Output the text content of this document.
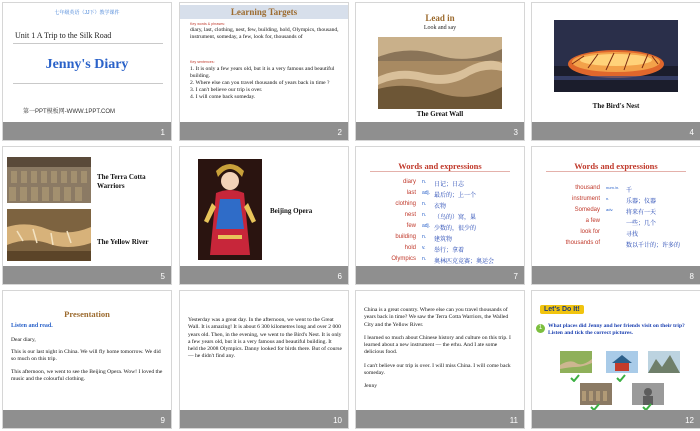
七年级英语（JJ下）教学课件
Unit 1 A Trip to the Silk Road
Jenny's Diary
第一PPT模板网-WWW.1PPT.COM
1
Learning Targets
Key words & phrases:
diary, last, clothing, nest, few, building, hold, Olympics, thousand, instrument, someday, a few, look for, thousands of
Key sentences:
1. It is only a few years old, but it is a very famous and beautiful building.
2. Where else can you travel thousands of years back in time ?
3. I can't believe our trip is over.
4. I will come back someday.
2
Lead in
Look and say
The Great Wall
3
The Bird's Nest
4
The Terra Cotta Warriors
The Yellow River
5
Beijing Opera
6
Words and expressions
diary n. 日记；日志
last adj. 最后的；上一个
clothing n. 衣物
nest n. （鸟的）窝，巢
few adj. 少数的，很少的
building n. 建筑物
hold v. 举行；拿着
Olympics n. 奥林匹克竞赛；奥运会
7
Words and expressions
thousand num./n. 千
instrument n.	乐器；仪器
Someday adv. 将来有一天
a few	一些；几个
look for	寻找
thousands of	数以千计的；许多的
8
Presentation
Listen and read.

Dear diary,

This is our last night in China. We will fly home tomorrow. We did so much on this trip.

This afternoon, we went to see the Beijing Opera. Wow! I loved the music and the colourful clothing.

9
Yesterday was a great day. In the afternoon, we went to the Great Wall. It is amazing! It is about 6 300 kilometres long and over 2 000 years old. Then, in the evening, we went to the Bird's Nest. It is only a few years old, but it is a very famous and beautiful building. It held the 2008 Olympics. Danny looked for birds there. But of course — he didn't find any.
10

China is a great country. Where else can you travel thousands of years back in time? We saw the Terra Cotta Warriors, the Walled City and the Yellow River.

I learned so much about Chinese history and culture on this trip. I learned about a new instrument — the erhu. And I ate some delicious food.

I can't believe our trip is over. I will miss China. I will come back someday.

Jenny

11
Let's Do It!
1	What places did Jenny and her friends visit on their trip? Listen and tick the correct pictures.
12
